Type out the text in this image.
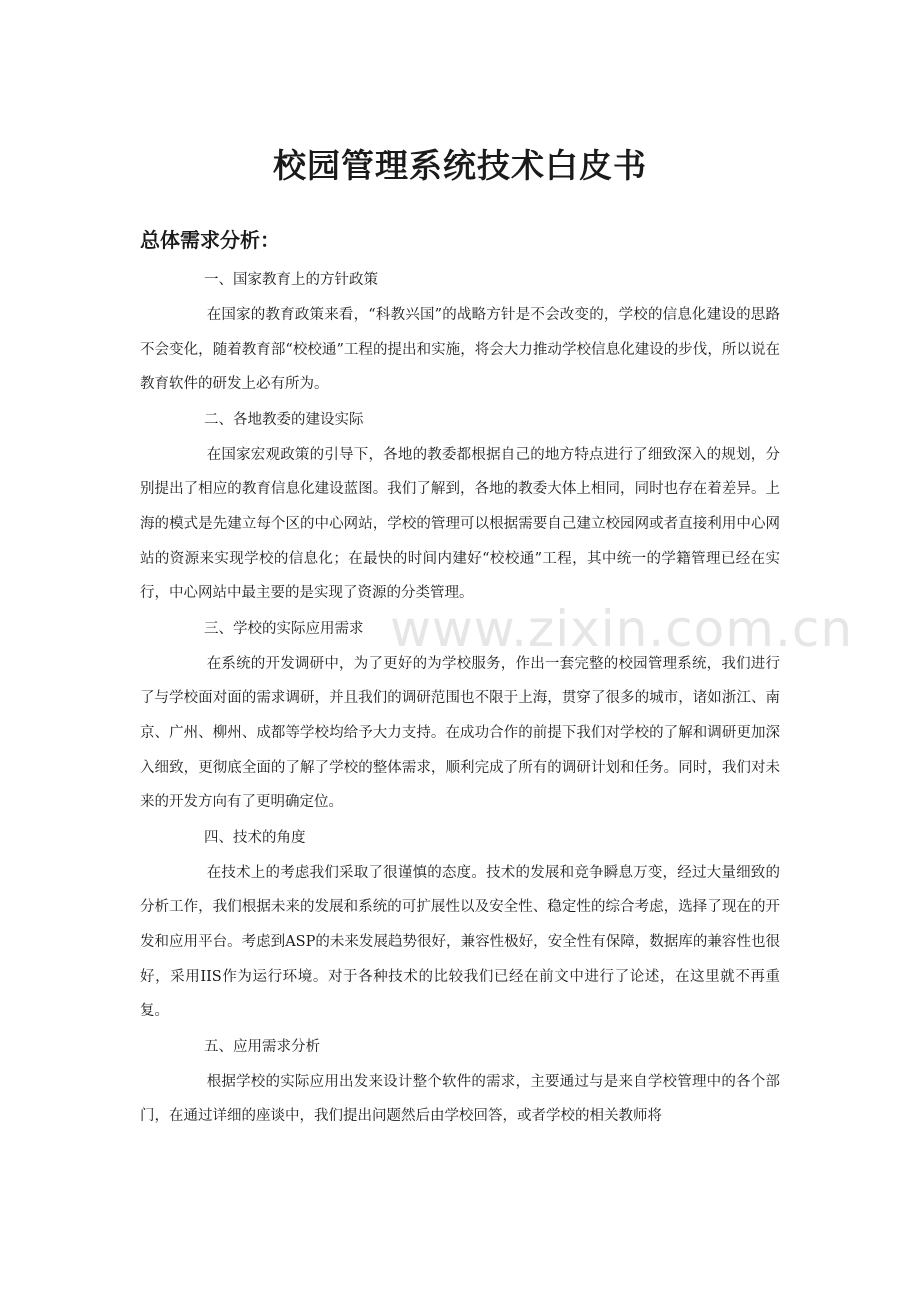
www.zixin.com.cn
校园管理系统技术白皮书
总体需求分析：

一、国家教育上的方针政策

在国家的教育政策来看，“科教兴国”的战略方针是不会改变的，学校的信息化建设的思路不会变化，随着教育部“校校通”工程的提出和实施，将会大力推动学校信息化建设的步伐，所以说在教育软件的研发上必有所为。

二、各地教委的建设实际

在国家宏观政策的引导下，各地的教委都根据自己的地方特点进行了细致深入的规划，分别提出了相应的教育信息化建设蓝图。我们了解到，各地的教委大体上相同，同时也存在着差异。上海的模式是先建立每个区的中心网站，学校的管理可以根据需要自己建立校园网或者直接利用中心网站的资源来实现学校的信息化；在最快的时间内建好“校校通”工程，其中统一的学籍管理已经在实行，中心网站中最主要的是实现了资源的分类管理。

三、学校的实际应用需求

在系统的开发调研中，为了更好的为学校服务，作出一套完整的校园管理系统，我们进行了与学校面对面的需求调研，并且我们的调研范围也不限于上海，贯穿了很多的城市，诸如浙江、南京、广州、柳州、成都等学校均给予大力支持。在成功合作的前提下我们对学校的了解和调研更加深入细致，更彻底全面的了解了学校的整体需求，顺利完成了所有的调研计划和任务。同时，我们对未来的开发方向有了更明确定位。

四、技术的角度

在技术上的考虑我们采取了很谨慎的态度。技术的发展和竞争瞬息万变，经过大量细致的分析工作，我们根据未来的发展和系统的可扩展性以及安全性、稳定性的综合考虑，选择了现在的开发和应用平台。考虑到ASP的未来发展趋势很好，兼容性极好，安全性有保障，数据库的兼容性也很好，采用IIS作为运行环境。对于各种技术的比较我们已经在前文中进行了论述，在这里就不再重复。

五、应用需求分析

根据学校的实际应用出发来设计整个软件的需求，主要通过与是来自学校管理中的各个部门，在通过详细的座谈中，我们提出问题然后由学校回答，或者学校的相关教师将
